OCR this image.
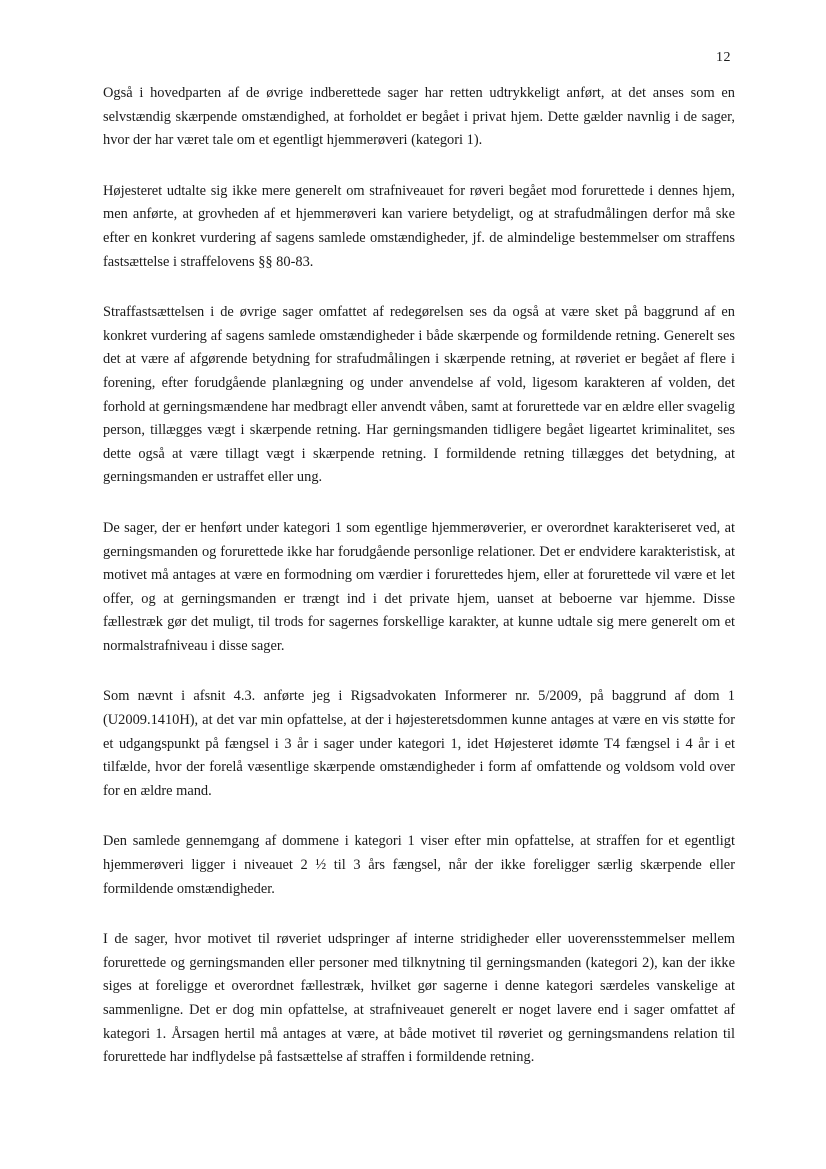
12

Også i hovedparten af de øvrige indberettede sager har retten udtrykkeligt anført, at det anses som en selvstændig skærpende omstændighed, at forholdet er begået i privat hjem. Dette gælder navnlig i de sager, hvor der har været tale om et egentligt hjemmerøveri (kategori 1).

Højesteret udtalte sig ikke mere generelt om strafniveauet for røveri begået mod forurettede i dennes hjem, men anførte, at grovheden af et hjemmerøveri kan variere betydeligt, og at strafudmålingen derfor må ske efter en konkret vurdering af sagens samlede omstændigheder, jf. de almindelige bestemmelser om straffens fastsættelse i straffelovens §§ 80-83.

Straffastsættelsen i de øvrige sager omfattet af redegørelsen ses da også at være sket på baggrund af en konkret vurdering af sagens samlede omstændigheder i både skærpende og formildende retning. Generelt ses det at være af afgørende betydning for strafudmålingen i skærpende retning, at røveriet er begået af flere i forening, efter forudgående planlægning og under anvendelse af vold, ligesom karakteren af volden, det forhold at gerningsmændene har medbragt eller anvendt våben, samt at forurettede var en ældre eller svagelig person, tillægges vægt i skærpende retning. Har gerningsmanden tidligere begået ligeartet kriminalitet, ses dette også at være tillagt vægt i skærpende retning. I formildende retning tillægges det betydning, at gerningsmanden er ustraffet eller ung.

De sager, der er henført under kategori 1 som egentlige hjemmerøverier, er overordnet karakteriseret ved, at gerningsmanden og forurettede ikke har forudgående personlige relationer. Det er endvidere karakteristisk, at motivet må antages at være en formodning om værdier i forurettedes hjem, eller at forurettede vil være et let offer, og at gerningsmanden er trængt ind i det private hjem, uanset at beboerne var hjemme. Disse fællestræk gør det muligt, til trods for sagernes forskellige karakter, at kunne udtale sig mere generelt om et normalstrafniveau i disse sager.

Som nævnt i afsnit 4.3. anførte jeg i Rigsadvokaten Informerer nr. 5/2009, på baggrund af dom 1 (U2009.1410H), at det var min opfattelse, at der i højesteretsdommen kunne antages at være en vis støtte for et udgangspunkt på fængsel i 3 år i sager under kategori 1, idet Højesteret idømte T4 fængsel i 4 år i et tilfælde, hvor der forelå væsentlige skærpende omstændigheder i form af omfattende og voldsom vold over for en ældre mand.

Den samlede gennemgang af dommene i kategori 1 viser efter min opfattelse, at straffen for et egentligt hjemmerøveri ligger i niveauet 2 ½ til 3 års fængsel, når der ikke foreligger særlig skærpende eller formildende omstændigheder.

I de sager, hvor motivet til røveriet udspringer af interne stridigheder eller uoverensstemmelser mellem forurettede og gerningsmanden eller personer med tilknytning til gerningsmanden (kategori 2), kan der ikke siges at foreligge et overordnet fællestræk, hvilket gør sagerne i denne kategori særdeles vanskelige at sammenligne. Det er dog min opfattelse, at strafniveauet generelt er noget lavere end i sager omfattet af kategori 1. Årsagen hertil må antages at være, at både motivet til røveriet og gerningsmandens relation til forurettede har indflydelse på fastsættelse af straffen i formildende retning.
